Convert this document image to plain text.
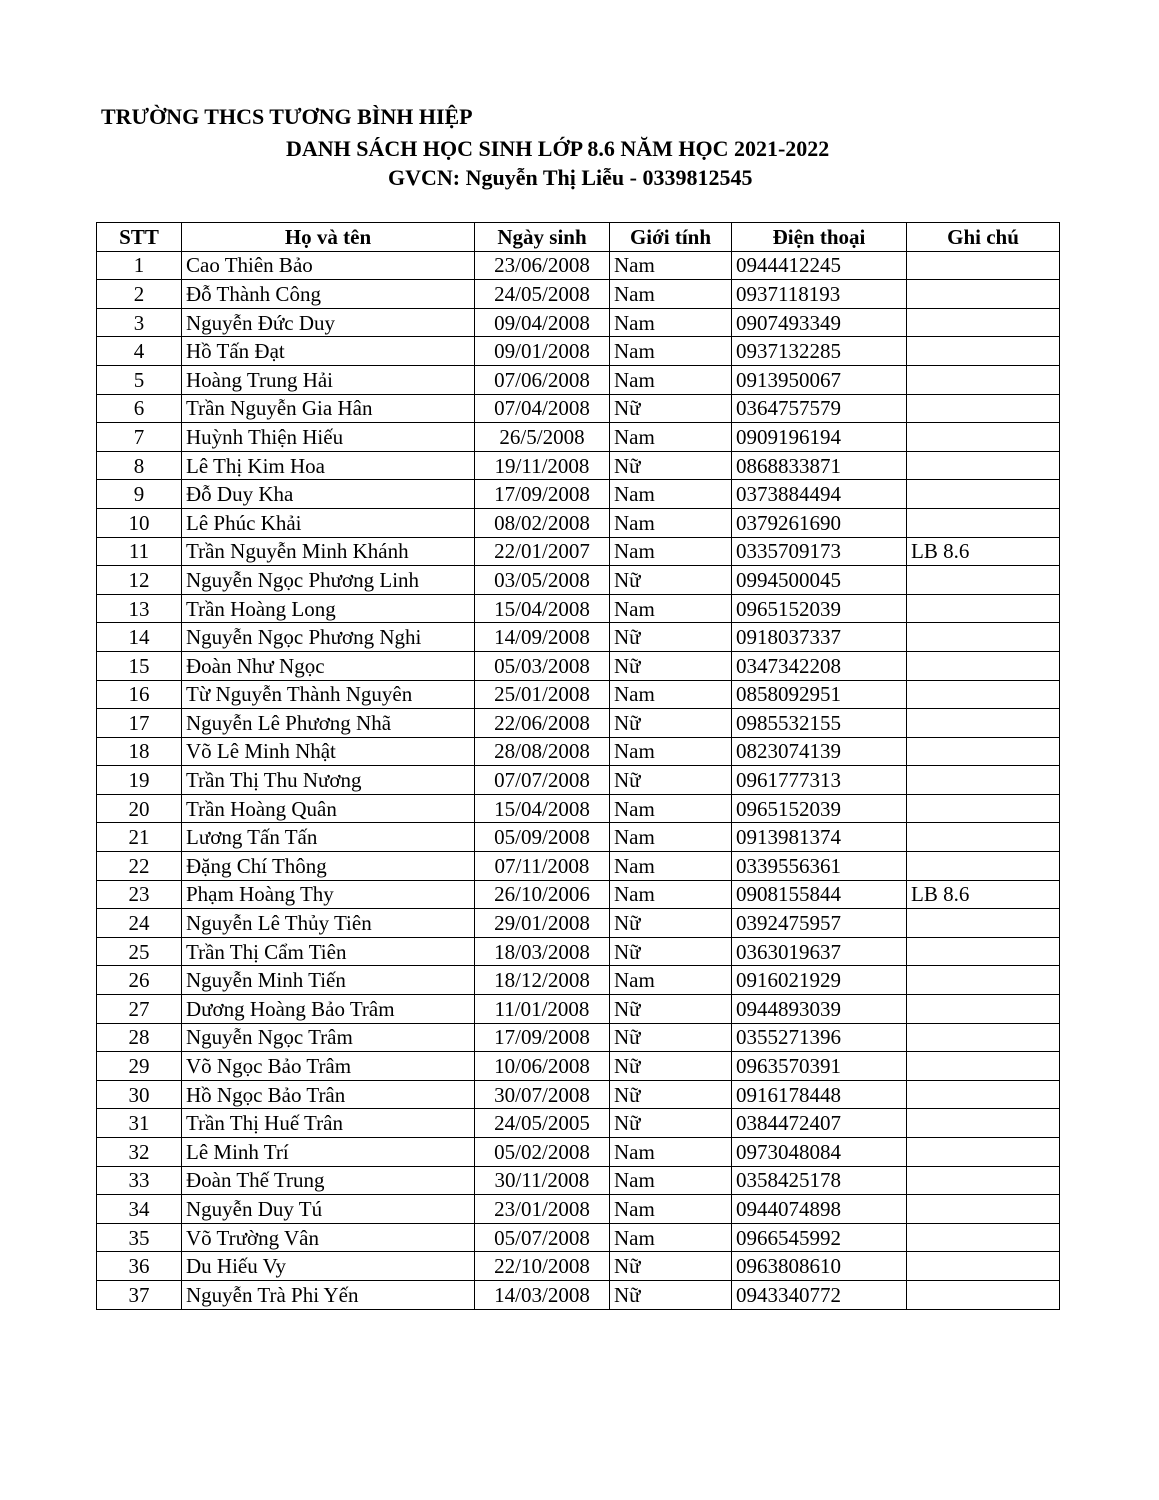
TRƯỜNG THCS TƯƠNG BÌNH HIỆP
DANH SÁCH HỌC SINH LỚP 8.6 NĂM HỌC 2021-2022
GVCN: Nguyễn Thị Liễu - 0339812545
STT	Họ và tên	Ngày sinh	Giới tính	Điện thoại	Ghi chú
1	Cao Thiên Bảo	23/06/2008	Nam	0944412245	
2	Đỗ Thành Công	24/05/2008	Nam	0937118193	
3	Nguyễn Đức Duy	09/04/2008	Nam	0907493349	
4	Hồ Tấn Đạt	09/01/2008	Nam	0937132285	
5	Hoàng Trung Hải	07/06/2008	Nam	0913950067	
6	Trần Nguyễn Gia Hân	07/04/2008	Nữ	0364757579	
7	Huỳnh Thiện Hiếu	26/5/2008	Nam	0909196194	
8	Lê Thị Kim Hoa	19/11/2008	Nữ	0868833871	
9	Đỗ Duy Kha	17/09/2008	Nam	0373884494	
10	Lê Phúc Khải	08/02/2008	Nam	0379261690	
11	Trần Nguyễn Minh Khánh	22/01/2007	Nam	0335709173	LB 8.6
12	Nguyễn Ngọc Phương Linh	03/05/2008	Nữ	0994500045	
13	Trần Hoàng Long	15/04/2008	Nam	0965152039	
14	Nguyễn Ngọc Phương Nghi	14/09/2008	Nữ	0918037337	
15	Đoàn Như Ngọc	05/03/2008	Nữ	0347342208	
16	Từ Nguyễn Thành Nguyên	25/01/2008	Nam	0858092951	
17	Nguyễn Lê Phương Nhã	22/06/2008	Nữ	0985532155	
18	Võ Lê Minh Nhật	28/08/2008	Nam	0823074139	
19	Trần Thị Thu Nương	07/07/2008	Nữ	0961777313	
20	Trần Hoàng Quân	15/04/2008	Nam	0965152039	
21	Lương Tấn Tấn	05/09/2008	Nam	0913981374	
22	Đặng Chí Thông	07/11/2008	Nam	0339556361	
23	Phạm Hoàng Thy	26/10/2006	Nam	0908155844	LB 8.6
24	Nguyễn Lê Thủy Tiên	29/01/2008	Nữ	0392475957	
25	Trần Thị Cẩm Tiên	18/03/2008	Nữ	0363019637	
26	Nguyễn Minh Tiến	18/12/2008	Nam	0916021929	
27	Dương Hoàng Bảo Trâm	11/01/2008	Nữ	0944893039	
28	Nguyễn Ngọc Trâm	17/09/2008	Nữ	0355271396	
29	Võ Ngọc Bảo Trâm	10/06/2008	Nữ	0963570391	
30	Hồ Ngọc Bảo Trân	30/07/2008	Nữ	0916178448	
31	Trần Thị Huế Trân	24/05/2005	Nữ	0384472407	
32	Lê Minh Trí	05/02/2008	Nam	0973048084	
33	Đoàn Thế Trung	30/11/2008	Nam	0358425178	
34	Nguyễn Duy Tú	23/01/2008	Nam	0944074898	
35	Võ Trường Vân	05/07/2008	Nam	0966545992	
36	Du Hiếu Vy	22/10/2008	Nữ	0963808610	
37	Nguyễn Trà Phi Yến	14/03/2008	Nữ	0943340772	
